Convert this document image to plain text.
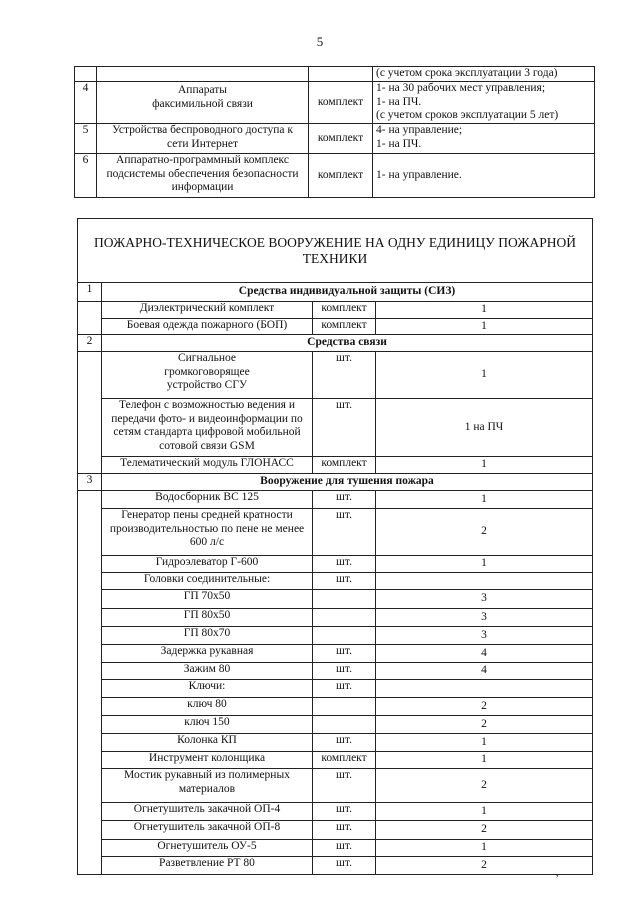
5
			(с учетом срока эксплуатации 3 года)
4	Аппараты факсимильной связи	комплект	1- на 30 рабочих мест управления;
1- на ПЧ.
(с учетом сроков эксплуатации 5 лет)

5	Устройства беспроводного доступа к сети Интернет	комплект	4- на управление;
1- на ПЧ.

6	Аппаратно-программный комплекс подсистемы обеспечения безопасности информации	комплект	1- на управление.
ПОЖАРНО-ТЕХНИЧЕСКОЕ ВООРУЖЕНИЕ НА ОДНУ ЕДИНИЦУ ПОЖАРНОЙ ТЕХНИКИ			
1	Средства индивидуальной защиты (СИЗ)		
	Диэлектрический комплект	комплект	1
	Боевая одежда пожарного (БОП)	комплект	1
2	Средства связи		
	Сигнальное громкоговорящее устройство СГУ	шт.	1
	Телефон с возможностью ведения и передачи фото- и видеоинформации по сетям стандарта цифровой мобильной сотовой связи GSM	шт.	1 на ПЧ
	Телематический модуль ГЛОНАСС	комплект	1
3	Вооружение для тушения пожара		
	Водосборник ВС 125	шт.	1
	Генератор пены средней кратности производительностью по пене не менее 600 л/с	шт.	2
	Гидроэлеватор Г-600	шт.	1
	Головки соединительные:	шт.	
	ГП 70х50		3
	ГП 80х50		3
	ГП 80х70		3
	Задержка рукавная	шт.	4
	Зажим 80	шт.	4
	Ключи:	шт.	
	ключ 80		2
	ключ 150		2
	Колонка КП	шт.	1
	Инструмент колонщика	комплект	1
	Мостик рукавный из полимерных материалов	шт.	2
	Огнетушитель закачной ОП-4	шт.	1
	Огнетушитель закачной ОП-8	шт.	2
	Огнетушитель ОУ-5	шт.	1
	Разветвление РТ 80	шт.	2
,
